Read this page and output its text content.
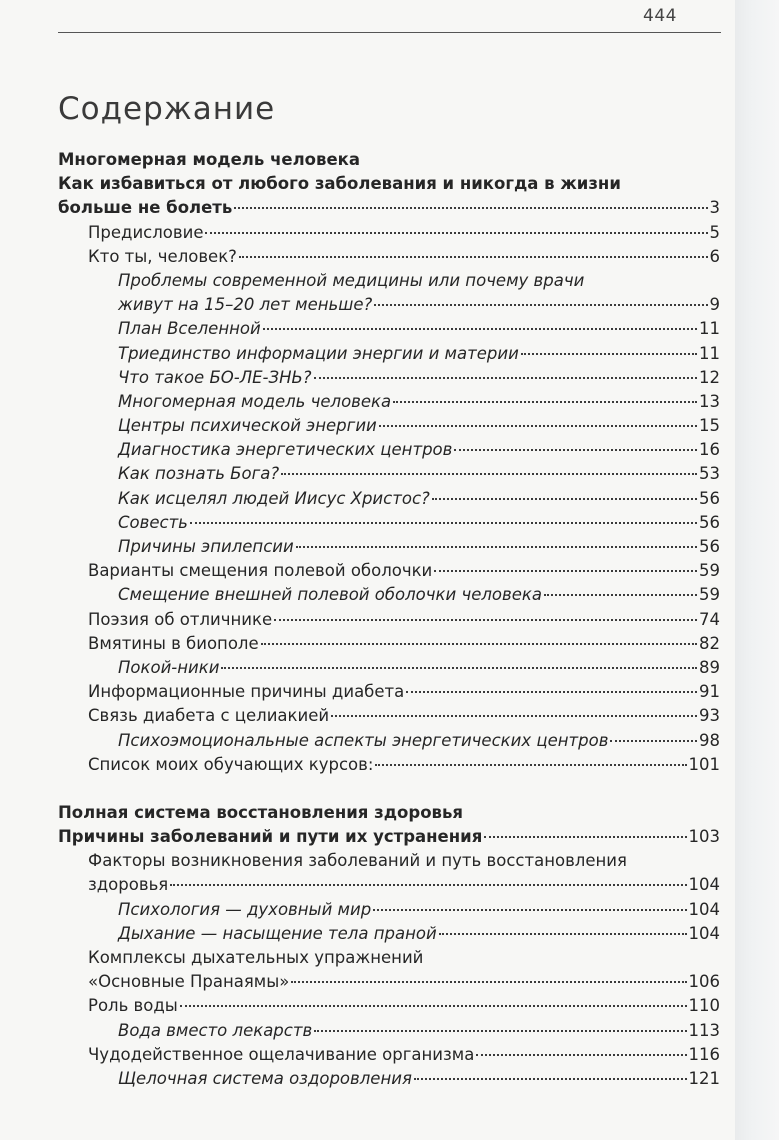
444
Содержание
Многомерная модель человека
Как избавиться от любого заболевания и никогда в жизни
больше не болеть	3
Предисловие	5
Кто ты, человек?	6
Проблемы современной медицины или почему врачи
живут на 15–20 лет меньше?	9
План Вселенной	11
Триединство информации энергии и материи	11
Что такое БО-ЛЕ-ЗНЬ?	12
Многомерная модель человека	13
Центры психической энергии	15
Диагностика энергетических центров	16
Как познать Бога?	53
Как исцелял людей Иисус Христос?	56
Совесть	56
Причины эпилепсии	56
Варианты смещения полевой оболочки	59
Смещение внешней полевой оболочки человека	59
Поэзия об отличнике	74
Вмятины в биополе	82
Покой-ники	89
Информационные причины диабета	91
Связь диабета с целиакией	93
Психоэмоциональные аспекты энергетических центров	98
Список моих обучающих курсов:	101
Полная система восстановления здоровья
Причины заболеваний и пути их устранения	103
Факторы возникновения заболеваний и путь восстановления
здоровья	104
Психология — духовный мир	104
Дыхание — насыщение тела праной	104
Комплексы дыхательных упражнений
«Основные Пранаямы»	106
Роль воды	110
Вода вместо лекарств	113
Чудодейственное ощелачивание организма	116
Щелочная система оздоровления	121
